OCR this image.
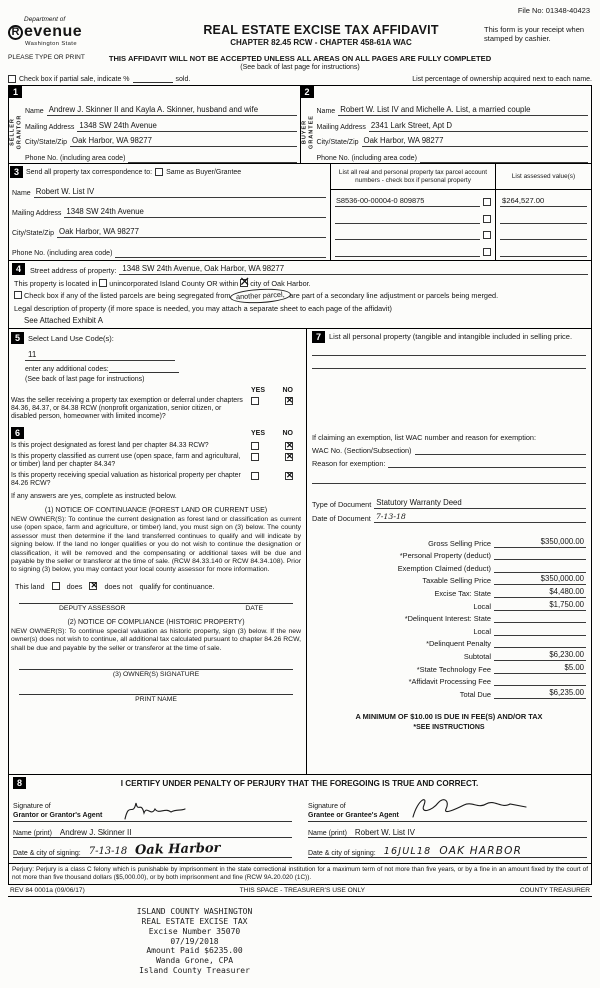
File No: 01348-40423
Department of
R evenue
Washington State
PLEASE TYPE OR PRINT
REAL ESTATE EXCISE TAX AFFIDAVIT
CHAPTER 82.45 RCW - CHAPTER 458-61A WAC
This form is your receipt when stamped by cashier.
THIS AFFIDAVIT WILL NOT BE ACCEPTED UNLESS ALL AREAS ON ALL PAGES ARE FULLY COMPLETED
(See back of last page for instructions)
Check box if partial sale, indicate %	sold.	List percentage of ownership acquired next to each name.
1
SELLER GRANTOR
Name Andrew J. Skinner II and Kayla A. Skinner, husband and wife
Mailing Address 1348 SW 24th Avenue
City/State/Zip Oak Harbor, WA 98277
Phone No. (including area code)
2
BUYER GRANTEE
Name Robert W. List IV and Michelle A. List, a married couple
Mailing Address 2341 Lark Street, Apt D
City/State/Zip Oak Harbor, WA 98277
Phone No. (including area code)
3	Send all property tax correspondence to: Same as Buyer/Grantee
Name Robert W. List IV
Mailing Address 1348 SW 24th Avenue
City/State/Zip Oak Harbor, WA 98277
Phone No. (including area code)
List all real and personal property tax parcel account numbers - check box if personal property
S8536-00-00004-0 809875
List assessed value(s)
$264,527.00
4	Street address of property: 1348 SW 24th Avenue, Oak Harbor, WA 98277
This property is located in unincorporated Island County OR within ✕ city of Oak Harbor.
Check box if any of the listed parcels are being segregated from another parcel, are part of a secondary line adjustment or parcels being merged.
Legal description of property (if more space is needed, you may attach a separate sheet to each page of the affidavit)
See Attached Exhibit A
5	Select Land Use Code(s):
11
enter any additional codes:
(See back of last page for instructions)
YES NO
Was the seller receiving a property tax exemption or deferral under chapters 84.36, 84.37, or 84.38 RCW (nonprofit organization, senior citizen, or disabled person, homeowner with limited income)?
✕
6	YES NO
Is this project designated as forest land per chapter 84.33 RCW?
✕
Is this property classified as current use (open space, farm and agricultural, or timber) land per chapter 84.34?
✕
Is this property receiving special valuation as historical property per chapter 84.26 RCW?
✕
If any answers are yes, complete as instructed below.
(1) NOTICE OF CONTINUANCE (FOREST LAND OR CURRENT USE)
NEW OWNER(S): To continue the current designation as forest land or classification as current use (open space, farm and agriculture, or timber) land, you must sign on (3) below. The county assessor must then determine if the land transferred continues to qualify and will indicate by signing below. If the land no longer qualifies or you do not wish to continue the designation or classification, it will be removed and the compensating or additional taxes will be due and payable by the seller or transferor at the time of sale. (RCW 84.33.140 or RCW 84.34.108). Prior to signing (3) below, you may contact your local county assessor for more information.
This land	does ✕	does not qualify for continuance.
DEPUTY ASSESSOR	DATE
(2) NOTICE OF COMPLIANCE (HISTORIC PROPERTY)
NEW OWNER(S): To continue special valuation as historic property, sign (3) below. If the new owner(s) does not wish to continue, all additional tax calculated pursuant to chapter 84.26 RCW, shall be due and payable by the seller or transferor at the time of sale.
(3) OWNER(S) SIGNATURE
PRINT NAME
7	List all personal property (tangible and intangible included in selling price.
If claiming an exemption, list WAC number and reason for exemption:
WAC No. (Section/Subsection)
Reason for exemption:
Type of Document Statutory Warranty Deed
Date of Document 7-13-18
Gross Selling Price	$350,000.00
*Personal Property (deduct)
Exemption Claimed (deduct)
Taxable Selling Price	$350,000.00
Excise Tax: State	$4,480.00
Local	$1,750.00
*Delinquent Interest: State
Local
*Delinquent Penalty
Subtotal	$6,230.00
*State Technology Fee	$5.00
*Affidavit Processing Fee
Total Due	$6,235.00
A MINIMUM OF $10.00 IS DUE IN FEE(S) AND/OR TAX
*SEE INSTRUCTIONS
8	I CERTIFY UNDER PENALTY OF PERJURY THAT THE FOREGOING IS TRUE AND CORRECT.
Signature of
Grantor or Grantor's Agent
Signature of
Grantee or Grantee's Agent
Name (print)	Andrew J. Skinner II	Name (print)	Robert W. List IV
Date & city of signing: 7-13-18 Oak Harbor	Date & city of signing: 16JUL18 OAK HARBOR
Perjury: Perjury is a class C felony which is punishable by imprisonment in the state correctional institution for a maximum term of not more than five years, or by a fine in an amount fixed by the court of not more than five thousand dollars ($5,000.00), or by both imprisonment and fine (RCW 9A.20.020 (1C)).
REV 84 0001a (09/06/17)	THIS SPACE - TREASURER'S USE ONLY	COUNTY TREASURER
ISLAND COUNTY WASHINGTON
REAL ESTATE EXCISE TAX
Excise Number 35070
07/19/2018
Amount Paid $6235.00
Wanda Grone, CPA
Island County Treasurer
